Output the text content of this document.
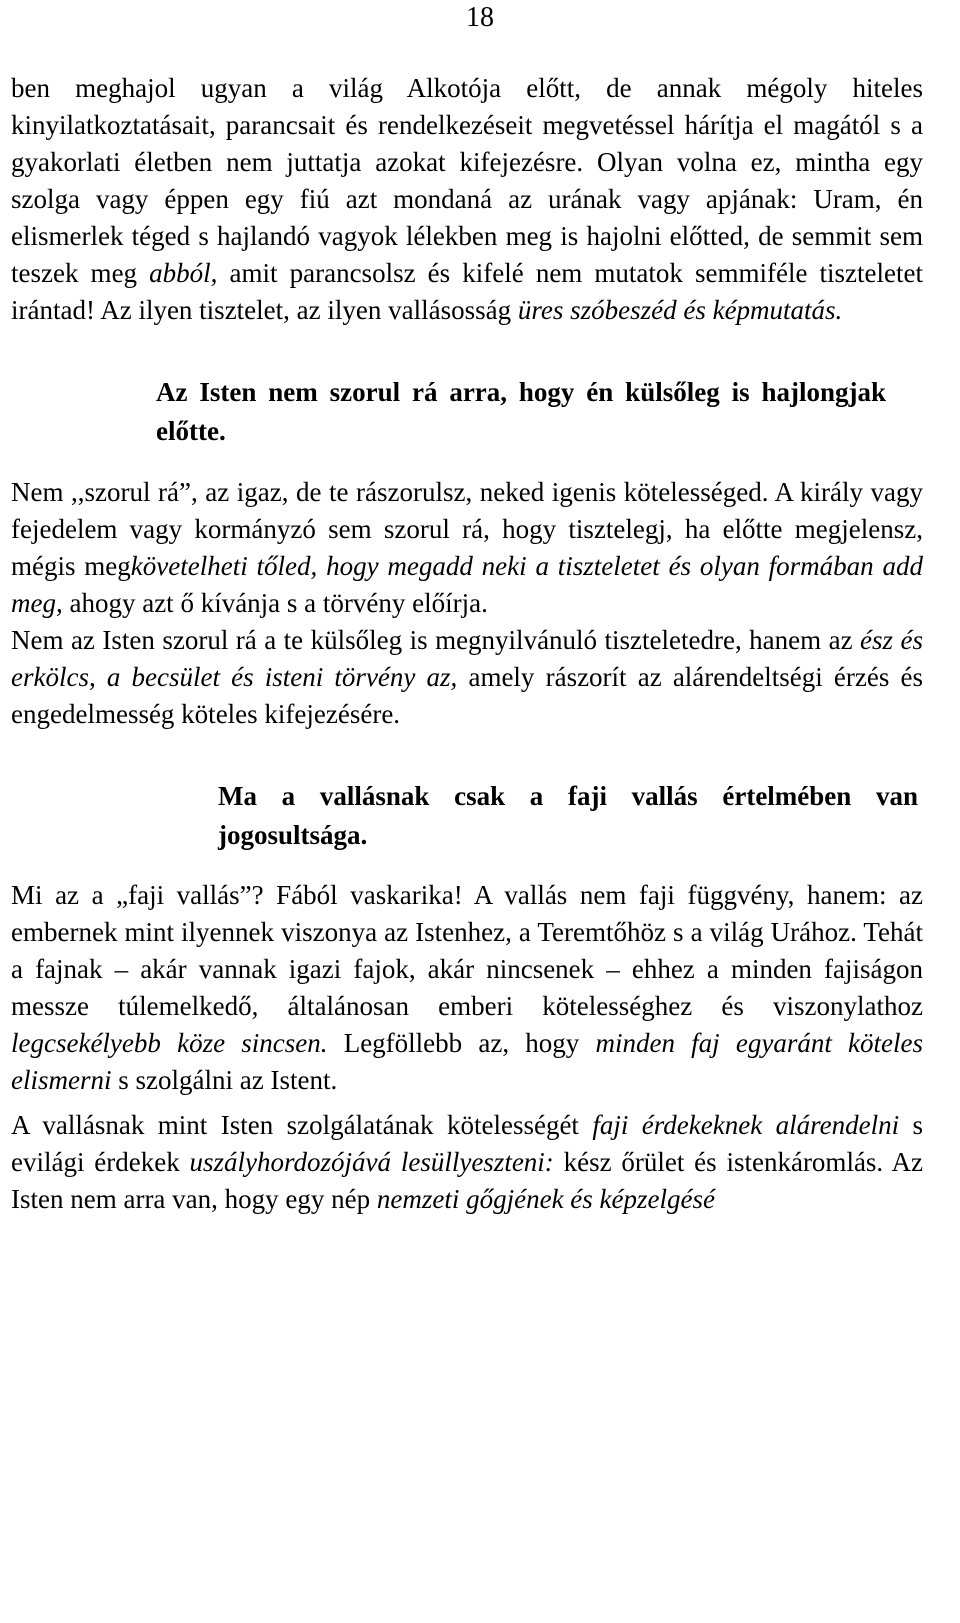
18

ben meghajol ugyan a világ Alkotója előtt, de annak mégoly hiteles kinyilatkoztatásait, parancsait és rendelkezéseit megvetéssel hárítja el magától s a gyakorlati életben nem juttatja azokat kifejezésre. Olyan volna ez, mintha egy szolga vagy éppen egy fiú azt mondaná az urának vagy apjának: Uram, én elismerlek téged s hajlandó vagyok lélekben meg is hajolni előtted, de semmit sem teszek meg abból, amit parancsolsz és kifelé nem mutatok semmiféle tiszteletet irántad! Az ilyen tisztelet, az ilyen vallásosság üres szóbeszéd és képmutatás.

Az Isten nem szorul rá arra, hogy én külsőleg is hajlongjak előtte.

Nem ,,szorul rá”, az igaz, de te rászorulsz, neked igenis kötelességed. A király vagy fejedelem vagy kormányzó sem szorul rá, hogy tisztelegj, ha előtte megjelensz, mégis megkövetelheti tőled, hogy megadd neki a tiszteletet és olyan formában add meg, ahogy azt ő kívánja s a törvény előírja.

Nem az Isten szorul rá a te külsőleg is megnyilvánuló tiszteletedre, hanem az ész és erkölcs, a becsület és isteni törvény az, amely rászorít az alárendeltségi érzés és engedelmesség köteles kifejezésére.

Ma a vallásnak csak a faji vallás értelmében van jogosultsága.

Mi az a „faji vallás”? Fából vaskarika! A vallás nem faji függvény, hanem: az embernek mint ilyennek viszonya az Istenhez, a Teremtőhöz s a világ Urához. Tehát a fajnak – akár vannak igazi fajok, akár nincsenek – ehhez a minden fajiságon messze túlemelkedő, általánosan emberi kötelességhez és viszonylathoz legcsekélyebb köze sincsen. Legföllebb az, hogy minden faj egyaránt köteles elismerni s szolgálni az Istent.

A vallásnak mint Isten szolgálatának kötelességét faji érdekeknek alárendelni s evilági érdekek uszályhordozójává lesüllyeszteni: kész őrület és istenkáromlás. Az Isten nem arra van, hogy egy nép nemzeti gőgjének és képzelgésé
